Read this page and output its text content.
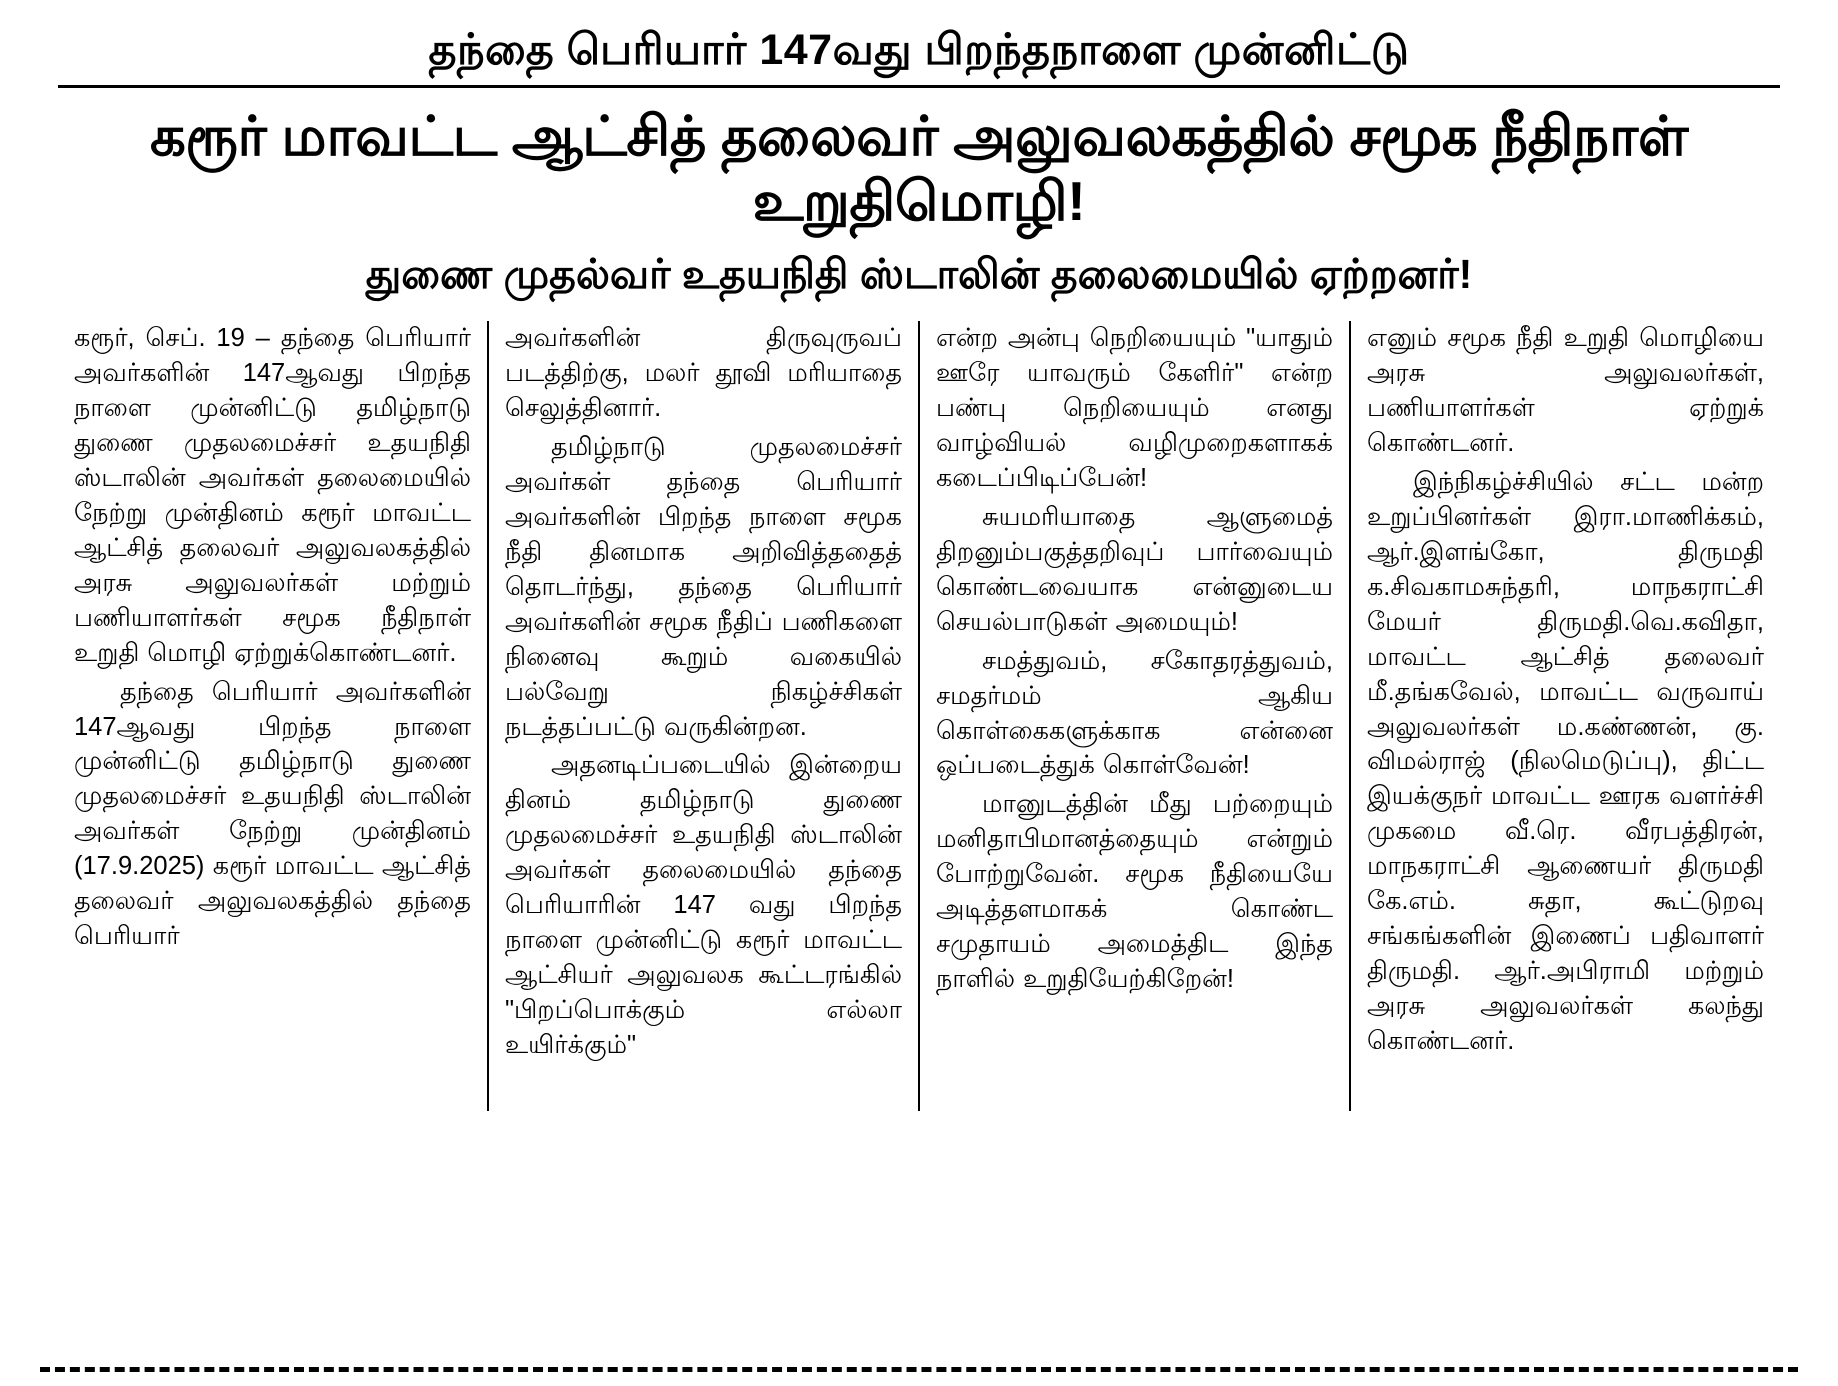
தந்தை பெரியார் 147வது பிறந்தநாளை முன்னிட்டு
கரூர் மாவட்ட ஆட்சித் தலைவர் அலுவலகத்தில் சமூக நீதிநாள் உறுதிமொழி!
துணை முதல்வர் உதயநிதி ஸ்டாலின் தலைமையில் ஏற்றனர்!

கரூர், செப். 19 – தந்தை பெரியார் அவர்களின் 147ஆவது பிறந்த நாளை முன்னிட்டு தமிழ்நாடு துணை முதலமைச்சர் உதயநிதி ஸ்டாலின் அவர்கள் தலைமையில் நேற்று முன்தினம் கரூர் மாவட்ட ஆட்சித் தலைவர் அலுவலகத்தில் அரசு அலுவலர்கள் மற்றும் பணியாளர்கள் சமூக நீதிநாள் உறுதி மொழி ஏற்றுக்கொண்டனர்.

தந்தை பெரியார் அவர்களின் 147ஆவது பிறந்த நாளை முன்னிட்டு தமிழ்நாடு துணை முதலமைச்சர் உதயநிதி ஸ்டாலின் அவர்கள் நேற்று முன்தினம் (17.9.2025) கரூர் மாவட்ட ஆட்சித் தலைவர் அலுவலகத்தில் தந்தை பெரியார்

அவர்களின் திருவுருவப் படத்திற்கு, மலர் தூவி மரியாதை செலுத்தினார்.

தமிழ்நாடு முதலமைச்சர் அவர்கள் தந்தை பெரியார் அவர்களின் பிறந்த நாளை சமூக நீதி தினமாக அறிவித்ததைத் தொடர்ந்து, தந்தை பெரியார் அவர்களின் சமூக நீதிப் பணிகளை நினைவு கூறும் வகையில் பல்வேறு நிகழ்ச்சிகள் நடத்தப்பட்டு வருகின்றன.

அதனடிப்படையில் இன்றைய தினம் தமிழ்நாடு துணை முதலமைச்சர் உதயநிதி ஸ்டாலின் அவர்கள் தலைமையில் தந்தை பெரியாரின் 147 வது பிறந்த நாளை முன்னிட்டு கரூர் மாவட்ட ஆட்சியர் அலுவலக கூட்டரங்கில் "பிறப்பொக்கும் எல்லா உயிர்க்கும்"

என்ற அன்பு நெறியையும் "யாதும் ஊரே யாவரும் கேளிர்" என்ற பண்பு நெறியையும் எனது வாழ்வியல் வழிமுறைகளாகக் கடைப்பிடிப்பேன்!

சுயமரியாதை ஆளுமைத் திறனும்பகுத்தறிவுப் பார்வையும் கொண்டவையாக என்னுடைய செயல்பாடுகள் அமையும்!

சமத்துவம், சகோதரத்துவம், சமதர்மம் ஆகிய கொள்கைகளுக்காக என்னை ஒப்படைத்துக் கொள்வேன்!

மானுடத்தின் மீது பற்றையும் மனிதாபிமானத்தையும் என்றும் போற்றுவேன். சமூக நீதியையே அடித்தளமாகக் கொண்ட சமுதாயம் அமைத்திட இந்த நாளில் உறுதியேற்கிறேன்!

எனும் சமூக நீதி உறுதி மொழியை அரசு அலுவலர்கள், பணியாளர்கள் ஏற்றுக் கொண்டனர்.

இந்நிகழ்ச்சியில் சட்ட மன்ற உறுப்பினர்கள் இரா.மாணிக்கம், ஆர்.இளங்கோ, திருமதி க.சிவகாமசுந்தரி, மாநகராட்சி மேயர் திருமதி.வெ.கவிதா, மாவட்ட ஆட்சித் தலைவர் மீ.தங்கவேல், மாவட்ட வருவாய் அலுவலர்கள் ம.கண்ணன், கு. விமல்ராஜ் (நிலமெடுப்பு), திட்ட இயக்குநர் மாவட்ட ஊரக வளர்ச்சி முகமை வீ.ரெ. வீரபத்திரன், மாநகராட்சி ஆணையர் திருமதி கே.எம். சுதா, கூட்டுறவு சங்கங்களின் இணைப் பதிவாளர் திருமதி. ஆர்.அபிராமி மற்றும் அரசு அலுவலர்கள் கலந்து கொண்டனர்.
